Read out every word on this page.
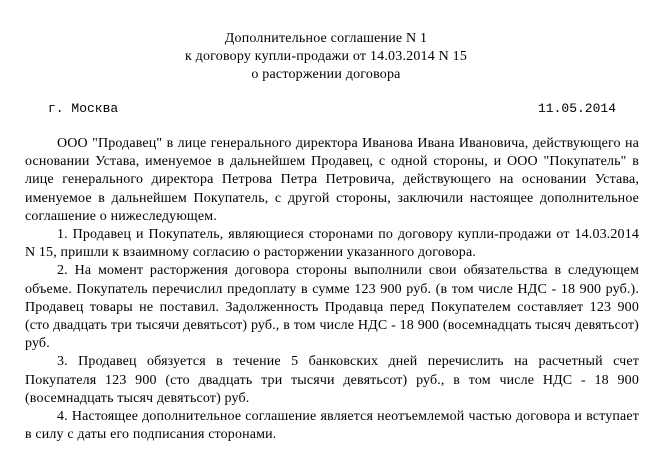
Дополнительное соглашение N 1
к договору купли-продажи от 14.03.2014 N 15
о расторжении договора
г. Москва	11.05.2014

ООО "Продавец" в лице генерального директора Иванова Ивана Ивановича, действующего на основании Устава, именуемое в дальнейшем Продавец, с одной стороны, и ООО "Покупатель" в лице генерального директора Петрова Петра Петровича, действующего на основании Устава, именуемое в дальнейшем Покупатель, с другой стороны, заключили настоящее дополнительное соглашение о нижеследующем.

1. Продавец и Покупатель, являющиеся сторонами по договору купли-продажи от 14.03.2014 N 15, пришли к взаимному согласию о расторжении указанного договора.

2. На момент расторжения договора стороны выполнили свои обязательства в следующем объеме. Покупатель перечислил предоплату в сумме 123 900 руб. (в том числе НДС - 18 900 руб.). Продавец товары не поставил. Задолженность Продавца перед Покупателем составляет 123 900 (сто двадцать три тысячи девятьсот) руб., в том числе НДС - 18 900 (восемнадцать тысяч девятьсот) руб.

3. Продавец обязуется в течение 5 банковских дней перечислить на расчетный счет Покупателя 123 900 (сто двадцать три тысячи девятьсот) руб., в том числе НДС - 18 900 (восемнадцать тысяч девятьсот) руб.

4. Настоящее дополнительное соглашение является неотъемлемой частью договора и вступает в силу с даты его подписания сторонами.
